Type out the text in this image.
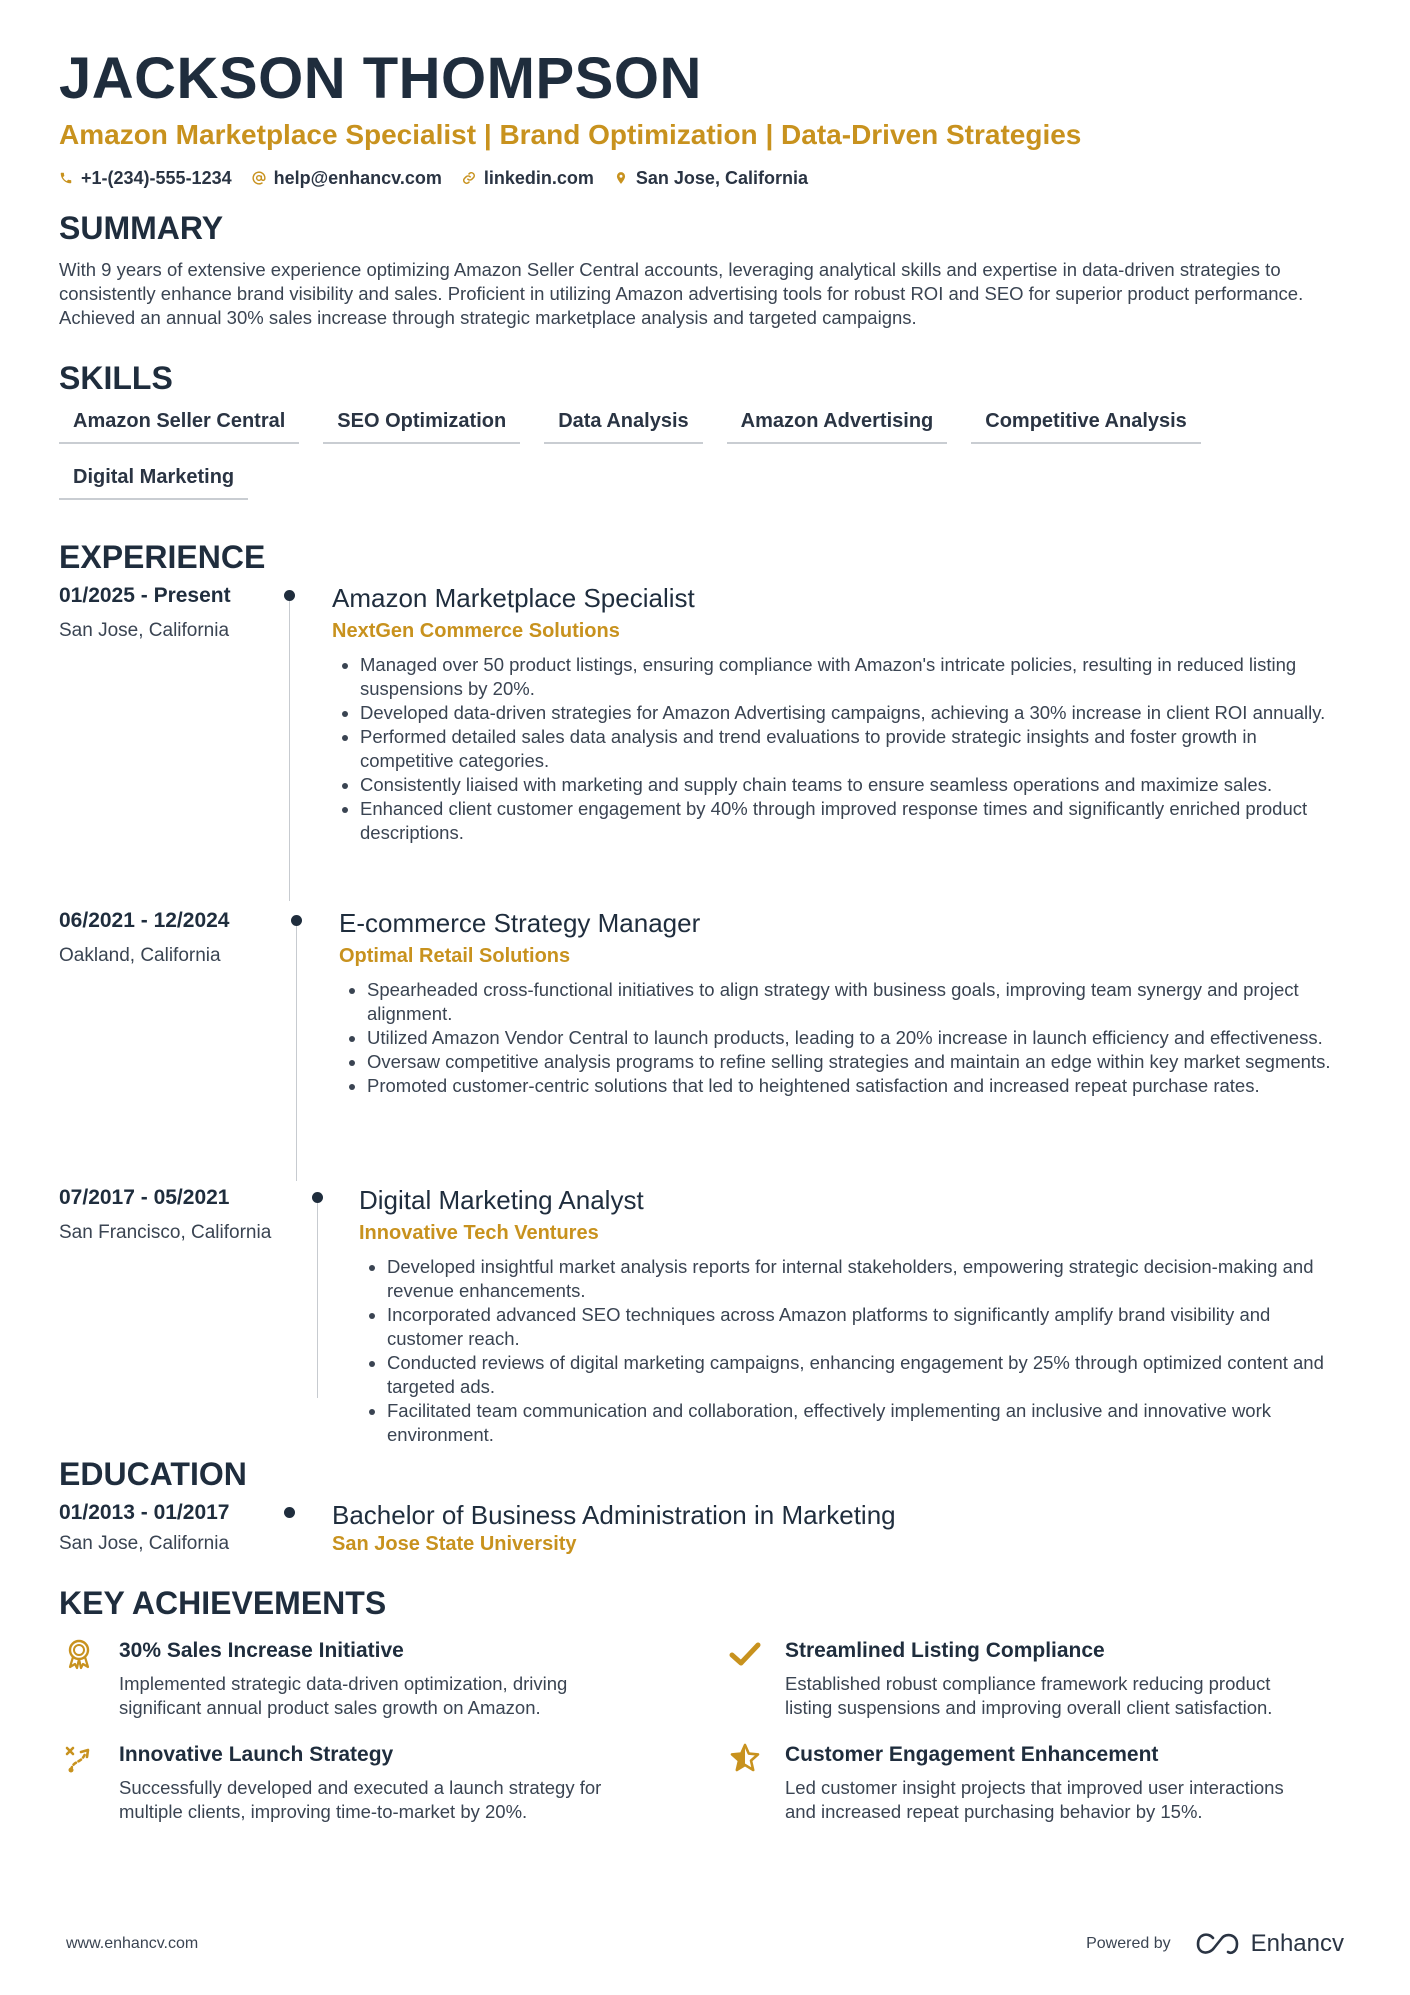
JACKSON THOMPSON
Amazon Marketplace Specialist | Brand Optimization | Data-Driven Strategies
+1-(234)-555-1234 help@enhancv.com linkedin.com San Jose, California
SUMMARY
With 9 years of extensive experience optimizing Amazon Seller Central accounts, leveraging analytical skills and expertise in data-driven strategies to consistently enhance brand visibility and sales. Proficient in utilizing Amazon advertising tools for robust ROI and SEO for superior product performance. Achieved an annual 30% sales increase through strategic marketplace analysis and targeted campaigns.
SKILLS
Amazon Seller Central	SEO Optimization	Data Analysis	Amazon Advertising	Competitive Analysis
Digital Marketing
EXPERIENCE
01/2025 - Present
San Jose, California
Amazon Marketplace Specialist
NextGen Commerce Solutions
• Managed over 50 product listings, ensuring compliance with Amazon's intricate policies, resulting in reduced listing suspensions by 20%.
• Developed data-driven strategies for Amazon Advertising campaigns, achieving a 30% increase in client ROI annually.
• Performed detailed sales data analysis and trend evaluations to provide strategic insights and foster growth in competitive categories.
• Consistently liaised with marketing and supply chain teams to ensure seamless operations and maximize sales.
• Enhanced client customer engagement by 40% through improved response times and significantly enriched product descriptions.
06/2021 - 12/2024
Oakland, California
E-commerce Strategy Manager
Optimal Retail Solutions
• Spearheaded cross-functional initiatives to align strategy with business goals, improving team synergy and project alignment.
• Utilized Amazon Vendor Central to launch products, leading to a 20% increase in launch efficiency and effectiveness.
• Oversaw competitive analysis programs to refine selling strategies and maintain an edge within key market segments.
• Promoted customer-centric solutions that led to heightened satisfaction and increased repeat purchase rates.
07/2017 - 05/2021
San Francisco, California
Digital Marketing Analyst
Innovative Tech Ventures
• Developed insightful market analysis reports for internal stakeholders, empowering strategic decision-making and revenue enhancements.
• Incorporated advanced SEO techniques across Amazon platforms to significantly amplify brand visibility and customer reach.
• Conducted reviews of digital marketing campaigns, enhancing engagement by 25% through optimized content and targeted ads.
• Facilitated team communication and collaboration, effectively implementing an inclusive and innovative work environment.
EDUCATION
01/2013 - 01/2017
San Jose, California
Bachelor of Business Administration in Marketing
San Jose State University
KEY ACHIEVEMENTS
30% Sales Increase Initiative
Implemented strategic data-driven optimization, driving significant annual product sales growth on Amazon.
Streamlined Listing Compliance
Established robust compliance framework reducing product listing suspensions and improving overall client satisfaction.
Innovative Launch Strategy
Successfully developed and executed a launch strategy for multiple clients, improving time-to-market by 20%.
Customer Engagement Enhancement
Led customer insight projects that improved user interactions and increased repeat purchasing behavior by 15%.
www.enhancv.com	Powered by	Enhancv
